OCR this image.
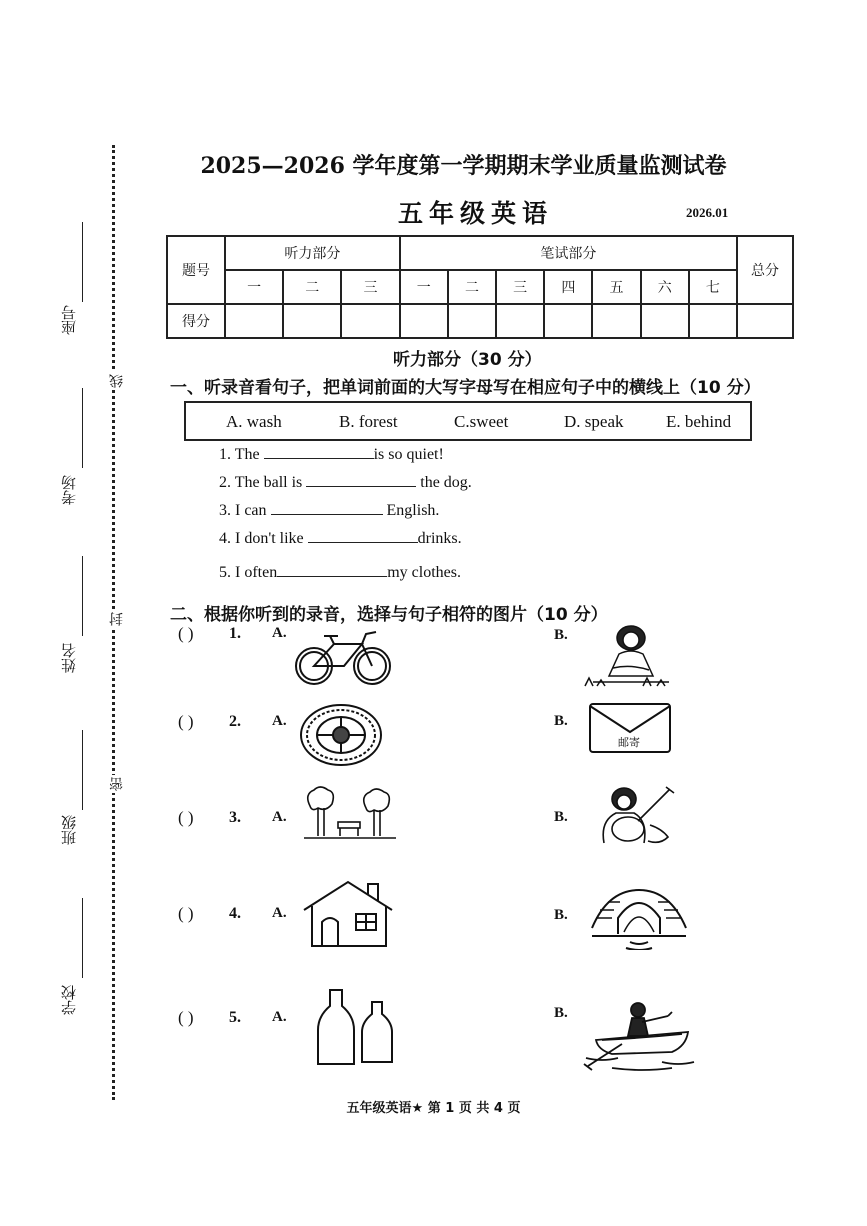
座号
考场
姓名
班级
学校
线
封
密
2025—2026 学年度第一学期期末学业质量监测试卷
五年级英语	2026.01
题号	听力部分			笔试部分							总分
	一	二	三	一	二	三	四	五	六	七	
得分											
听力部分（30 分）
一、听录音看句子，把单词前面的大写字母写在相应句子中的横线上（10 分）
A. wash	B. forest	C.sweet	D. speak	E. behind
1. The	is so quiet!
2. The ball is	the dog.
3. I can	English.
4. I don't like	drinks.
5. I often	my clothes.
二、根据你听到的录音，选择与句子相符的图片（10 分）
( ) 1. A.	B.
( ) 2. A.	B.
邮寄
( ) 3. A.	B.
( ) 4. A.	B.
( ) 5. A.	B.
五年级英语★ 第 1 页 共 4 页
